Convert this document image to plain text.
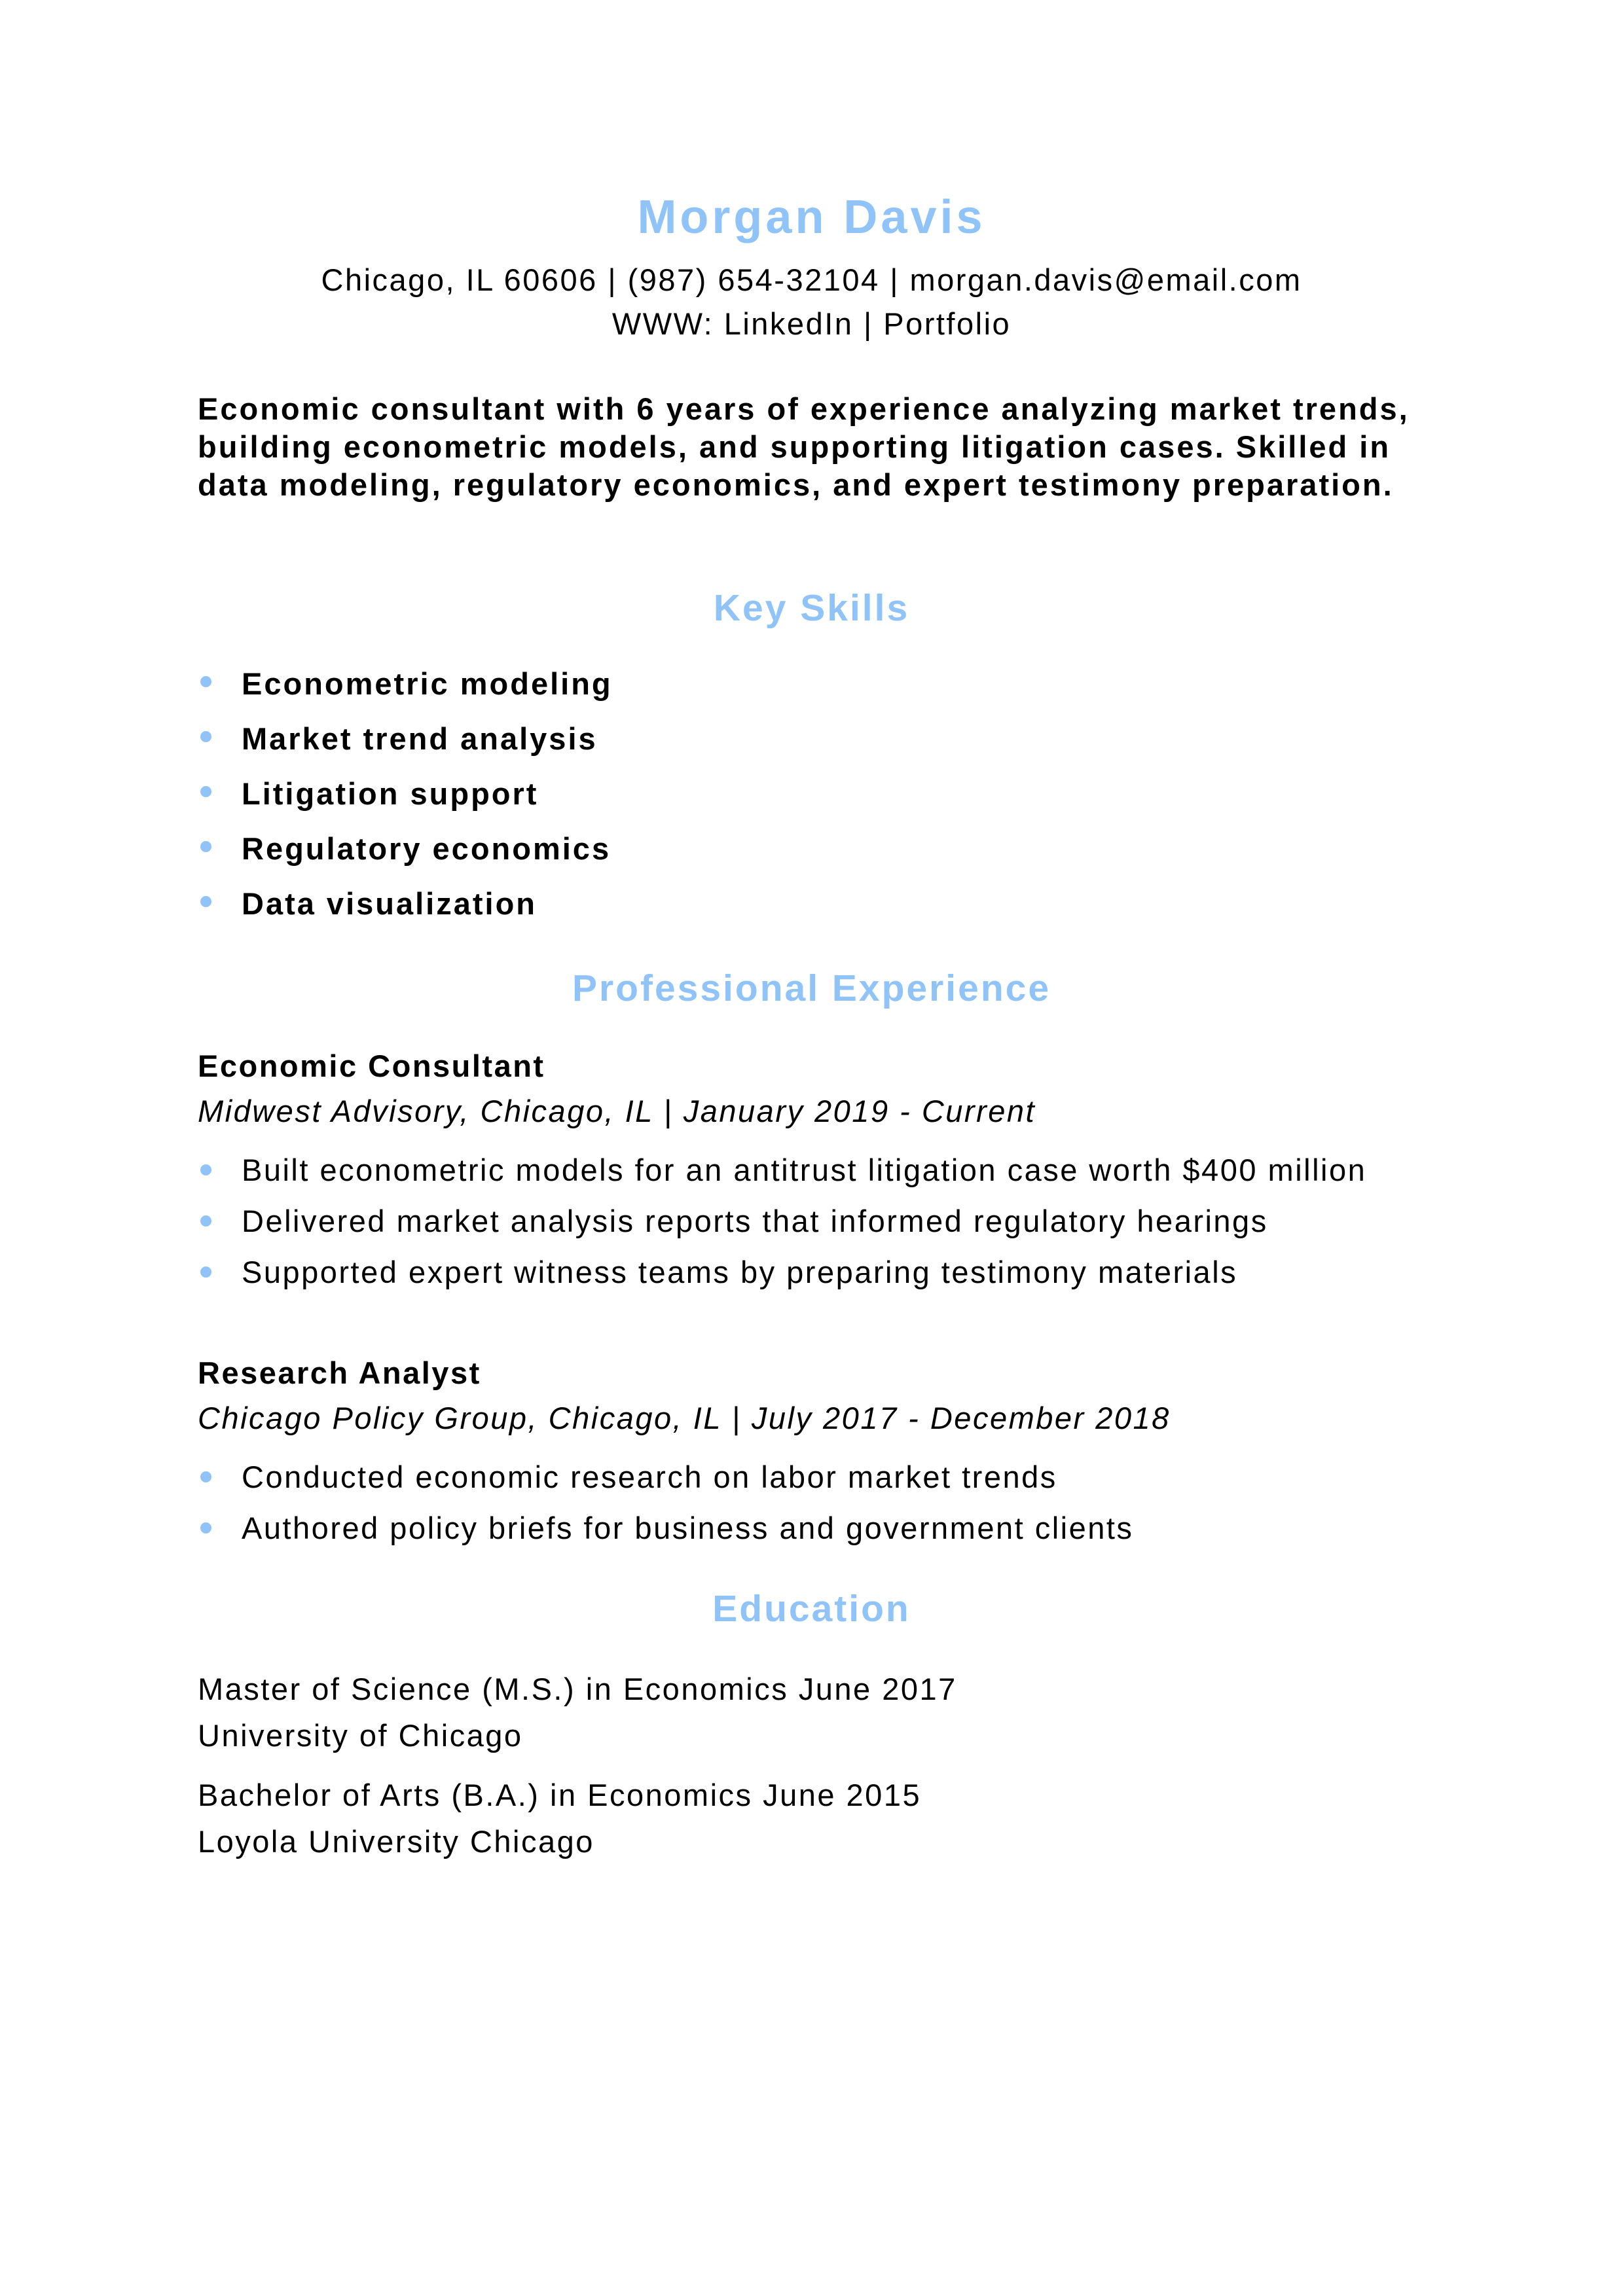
Morgan Davis
Chicago, IL 60606 | (987) 654-32104 | morgan.davis@email.com
WWW: LinkedIn | Portfolio
Economic consultant with 6 years of experience analyzing market trends, building econometric models, and supporting litigation cases. Skilled in data modeling, regulatory economics, and expert testimony preparation.
Key Skills
Econometric modeling
Market trend analysis
Litigation support
Regulatory economics
Data visualization
Professional Experience
Economic Consultant
Midwest Advisory, Chicago, IL | January 2019 - Current
Built econometric models for an antitrust litigation case worth $400 million
Delivered market analysis reports that informed regulatory hearings
Supported expert witness teams by preparing testimony materials
Research Analyst
Chicago Policy Group, Chicago, IL | July 2017 - December 2018
Conducted economic research on labor market trends
Authored policy briefs for business and government clients
Education
Master of Science (M.S.) in Economics June 2017
University of Chicago
Bachelor of Arts (B.A.) in Economics June 2015
Loyola University Chicago
